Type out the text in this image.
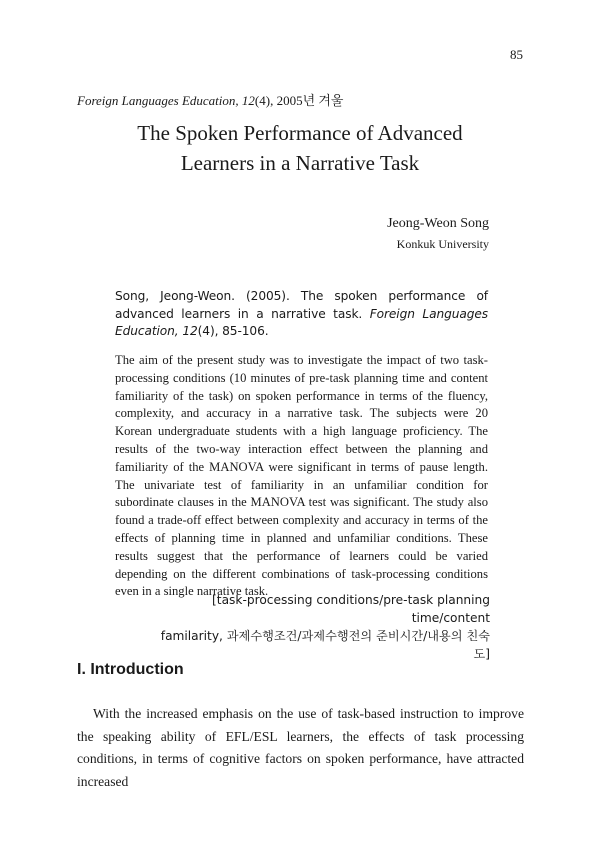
85
Foreign Languages Education, 12(4), 2005년 겨울
The Spoken Performance of Advanced
Learners in a Narrative Task
Jeong-Weon Song
Konkuk University
Song, Jeong-Weon. (2005). The spoken performance of advanced learners in a narrative task. Foreign Languages Education, 12(4), 85-106.
The aim of the present study was to investigate the impact of two task-processing conditions (10 minutes of pre-task planning time and content familiarity of the task) on spoken performance in terms of the fluency, complexity, and accuracy in a narrative task. The subjects were 20 Korean undergraduate students with a high language proficiency. The results of the two-way interaction effect between the planning and familiarity of the MANOVA were significant in terms of pause length. The univariate test of familiarity in an unfamiliar condition for subordinate clauses in the MANOVA test was significant. The study also found a trade-off effect between complexity and accuracy in terms of the effects of planning time in planned and unfamiliar conditions. These results suggest that the performance of learners could be varied depending on the different combinations of task-processing conditions even in a single narrative task.
[task-processing conditions/pre-task planning time/content
familarity, 과제수행조건/과제수행전의 준비시간/내용의 친숙도]
I. Introduction
With the increased emphasis on the use of task-based instruction to improve the speaking ability of EFL/ESL learners, the effects of task processing conditions, in terms of cognitive factors on spoken performance, have attracted increased
